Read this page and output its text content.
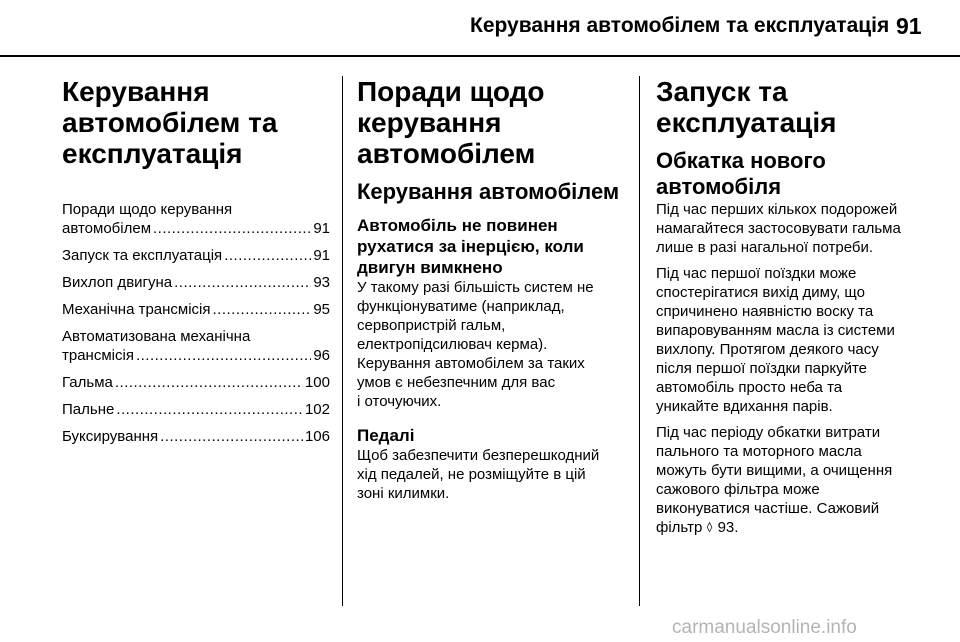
Керування автомобілем та експлуатація 91
Керування
автомобілем та
експлуатація
Поради щодо керування
автомобілем .....	91
Запуск та експлуатація .....	91
Вихлоп двигуна .....	93
Механічна трансмісія .....	95
Автоматизована механічна
трансмісія .....	96
Гальма .....	100
Пальне .....	102
Буксирування .....	106
Поради щодо
керування
автомобілем
Керування автомобілем
Автомобіль не повинен
рухатися за інерцією, коли
двигун вимкнено
У такому разі більшість систем не
функціонуватиме (наприклад,
сервопристрій гальм,
електропідсилювач керма).
Керування автомобілем за таких
умов є небезпечним для вас
і оточуючих.
Педалі
Щоб забезпечити безперешкодний
хід педалей, не розміщуйте в цій
зоні килимки.
Запуск та
експлуатація
Обкатка нового
автомобіля
Під час перших кількох подорожей
намагайтеся застосовувати гальма
лише в разі нагальної потреби.
Під час першої поїздки може
спостерігатися вихід диму, що
спричинено наявністю воску та
випаровуванням масла із системи
вихлопу. Протягом деякого часу
після першої поїздки паркуйте
автомобіль просто неба та
уникайте вдихання парів.
Під час періоду обкатки витрати
пального та моторного масла
можуть бути вищими, а очищення
сажового фільтра може
виконуватися частіше. Сажовий
фільтр ◊ 93.
carmanualsonline.info
